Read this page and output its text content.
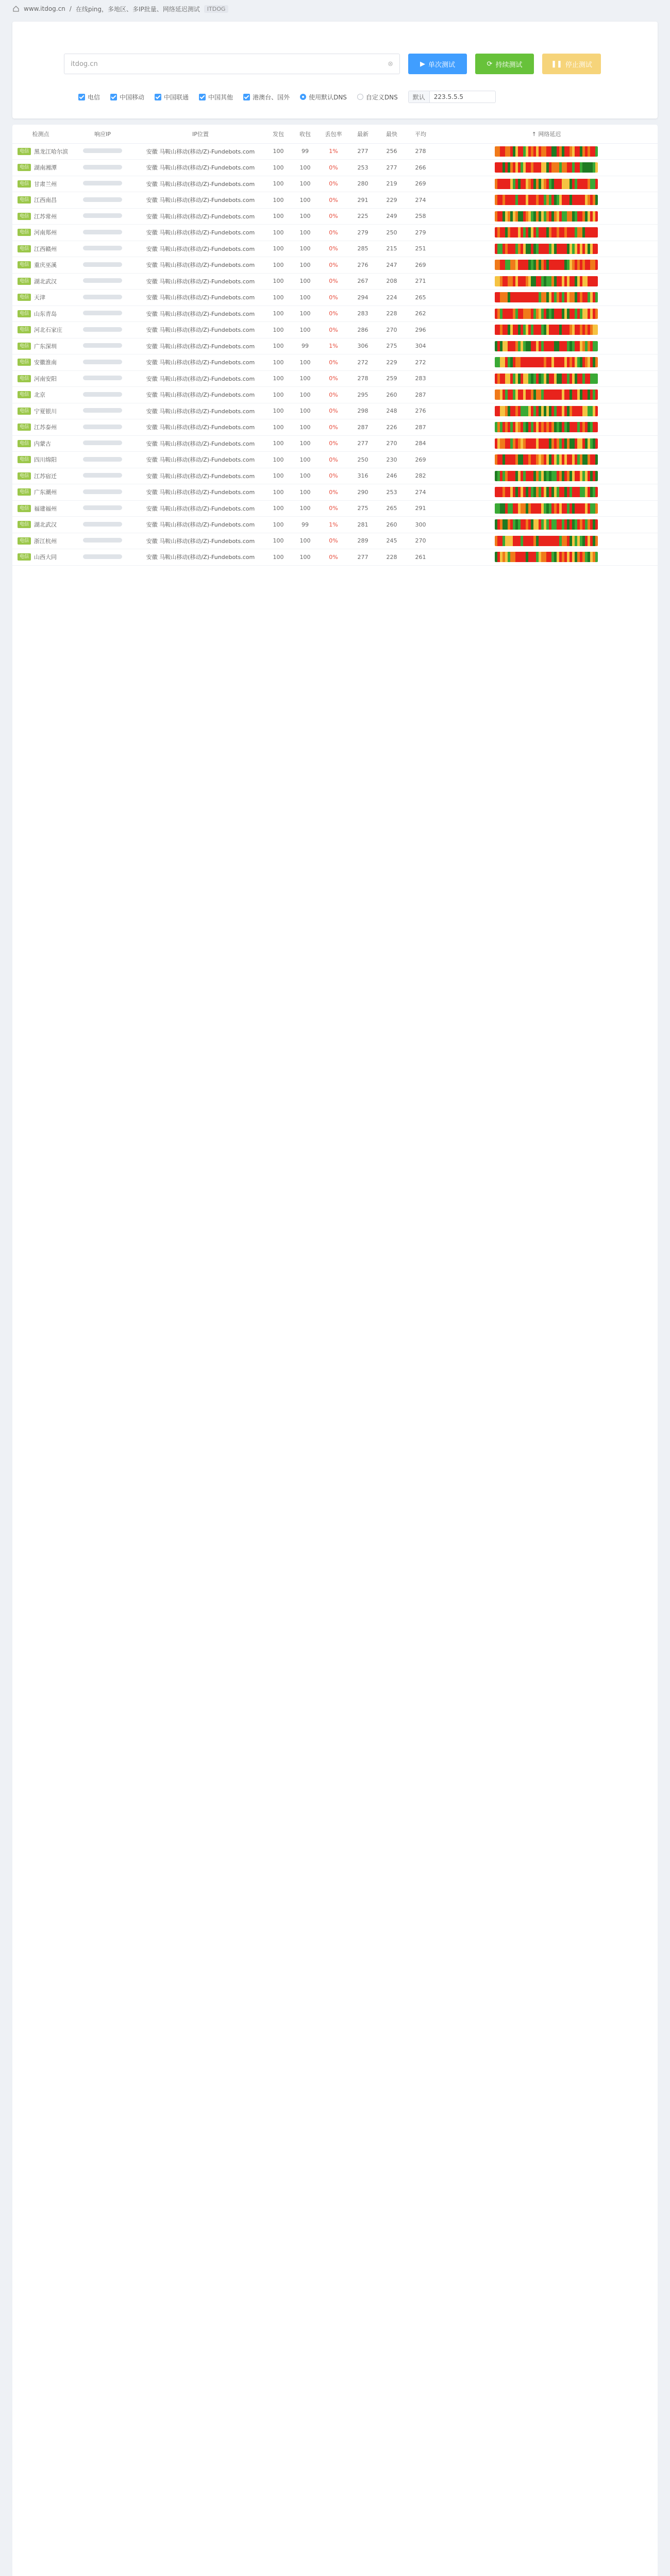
www.itdog.cn / 在线ping，多地区、多IP批量、网络延迟测试	ITDOG
itdog.cn	⊗	▶ 单次测试	⟳ 持续测试	❚❚ 停止测试
电信	中国移动	中国联通	中国其他	港澳台、国外	使用默认DNS	自定义DNS	默认	223.5.5.5
检测点	响应IP	IP位置	发包	收包	丢包率	最新	最快	平均	↑ 网络延迟
电信 黑龙江哈尔滨		安徽 马鞍山移动(移动/Z)-Fundebots.com	100	99	1%	277	256	278	

电信 湖南湘潭		安徽 马鞍山移动(移动/Z)-Fundebots.com	100	100	0%	253	277	266	

电信 甘肃兰州		安徽 马鞍山移动(移动/Z)-Fundebots.com	100	100	0%	280	219	269	

电信 江西南昌		安徽 马鞍山移动(移动/Z)-Fundebots.com	100	100	0%	291	229	274	

电信 江苏常州		安徽 马鞍山移动(移动/Z)-Fundebots.com	100	100	0%	225	249	258	

电信 河南郑州		安徽 马鞍山移动(移动/Z)-Fundebots.com	100	100	0%	279	250	279	

电信 江西赣州		安徽 马鞍山移动(移动/Z)-Fundebots.com	100	100	0%	285	215	251	

电信 重庆巫溪		安徽 马鞍山移动(移动/Z)-Fundebots.com	100	100	0%	276	247	269	

电信 湖北武汉		安徽 马鞍山移动(移动/Z)-Fundebots.com	100	100	0%	267	208	271	

电信 天津		安徽 马鞍山移动(移动/Z)-Fundebots.com	100	100	0%	294	224	265	

电信 山东青岛		安徽 马鞍山移动(移动/Z)-Fundebots.com	100	100	0%	283	228	262	

电信 河北石家庄		安徽 马鞍山移动(移动/Z)-Fundebots.com	100	100	0%	286	270	296	

电信 广东深圳		安徽 马鞍山移动(移动/Z)-Fundebots.com	100	99	1%	306	275	304	

电信 安徽淮南		安徽 马鞍山移动(移动/Z)-Fundebots.com	100	100	0%	272	229	272	

电信 河南安阳		安徽 马鞍山移动(移动/Z)-Fundebots.com	100	100	0%	278	259	283	

电信 北京		安徽 马鞍山移动(移动/Z)-Fundebots.com	100	100	0%	295	260	287	

电信 宁夏银川		安徽 马鞍山移动(移动/Z)-Fundebots.com	100	100	0%	298	248	276	

电信 江苏泰州		安徽 马鞍山移动(移动/Z)-Fundebots.com	100	100	0%	287	226	287	

电信 内蒙古		安徽 马鞍山移动(移动/Z)-Fundebots.com	100	100	0%	277	270	284	

电信 四川绵阳		安徽 马鞍山移动(移动/Z)-Fundebots.com	100	100	0%	250	230	269	

电信 江苏宿迁		安徽 马鞍山移动(移动/Z)-Fundebots.com	100	100	0%	316	246	282	

电信 广东潮州		安徽 马鞍山移动(移动/Z)-Fundebots.com	100	100	0%	290	253	274	

电信 福建福州		安徽 马鞍山移动(移动/Z)-Fundebots.com	100	100	0%	275	265	291	

电信 湖北武汉		安徽 马鞍山移动(移动/Z)-Fundebots.com	100	99	1%	281	260	300	

电信 浙江杭州		安徽 马鞍山移动(移动/Z)-Fundebots.com	100	100	0%	289	245	270	

电信 山西大同		安徽 马鞍山移动(移动/Z)-Fundebots.com	100	100	0%	277	228	261	
